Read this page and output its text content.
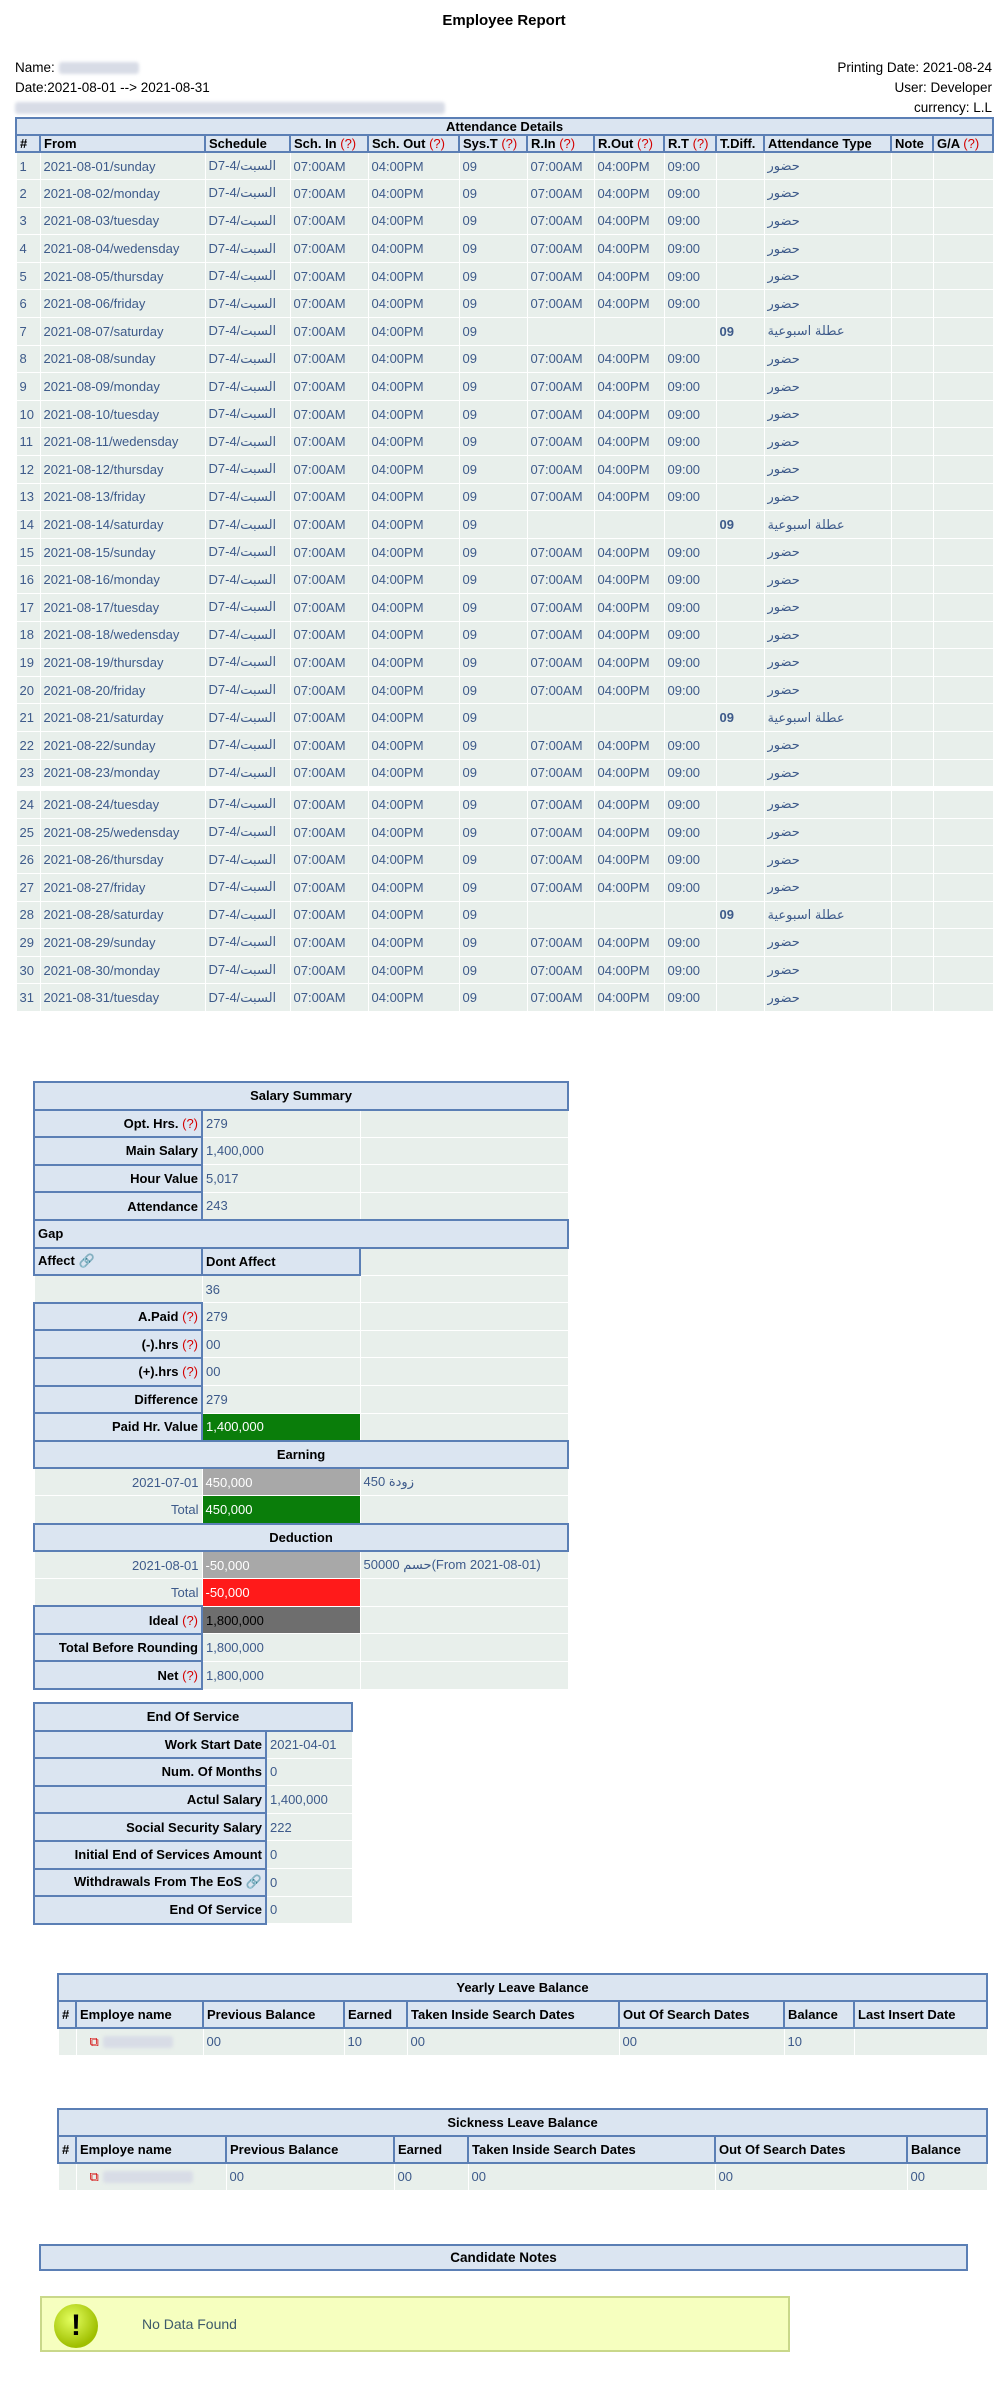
Employee Report
Name:
Date:2021-08-01 --> 2021-08-31
Printing Date: 2021-08-24
User: Developer
currency: L.L
Attendance Details												
#	From	Schedule	Sch. In (?)	Sch. Out (?)	Sys.T (?)	R.In (?)	R.Out (?)	R.T (?)	T.Diff.	Attendance Type	Note	G/A (?)
1	2021-08-01/sunday	D7-4/السبت	07:00AM	04:00PM	09	07:00AM	04:00PM	09:00		حضور		
2	2021-08-02/monday	D7-4/السبت	07:00AM	04:00PM	09	07:00AM	04:00PM	09:00		حضور		
3	2021-08-03/tuesday	D7-4/السبت	07:00AM	04:00PM	09	07:00AM	04:00PM	09:00		حضور		
4	2021-08-04/wedensday	D7-4/السبت	07:00AM	04:00PM	09	07:00AM	04:00PM	09:00		حضور		
5	2021-08-05/thursday	D7-4/السبت	07:00AM	04:00PM	09	07:00AM	04:00PM	09:00		حضور		
6	2021-08-06/friday	D7-4/السبت	07:00AM	04:00PM	09	07:00AM	04:00PM	09:00		حضور		
7	2021-08-07/saturday	D7-4/السبت	07:00AM	04:00PM	09				09	عطلة اسبوعية		
8	2021-08-08/sunday	D7-4/السبت	07:00AM	04:00PM	09	07:00AM	04:00PM	09:00		حضور		
9	2021-08-09/monday	D7-4/السبت	07:00AM	04:00PM	09	07:00AM	04:00PM	09:00		حضور		
10	2021-08-10/tuesday	D7-4/السبت	07:00AM	04:00PM	09	07:00AM	04:00PM	09:00		حضور		
11	2021-08-11/wedensday	D7-4/السبت	07:00AM	04:00PM	09	07:00AM	04:00PM	09:00		حضور		
12	2021-08-12/thursday	D7-4/السبت	07:00AM	04:00PM	09	07:00AM	04:00PM	09:00		حضور		
13	2021-08-13/friday	D7-4/السبت	07:00AM	04:00PM	09	07:00AM	04:00PM	09:00		حضور		
14	2021-08-14/saturday	D7-4/السبت	07:00AM	04:00PM	09				09	عطلة اسبوعية		
15	2021-08-15/sunday	D7-4/السبت	07:00AM	04:00PM	09	07:00AM	04:00PM	09:00		حضور		
16	2021-08-16/monday	D7-4/السبت	07:00AM	04:00PM	09	07:00AM	04:00PM	09:00		حضور		
17	2021-08-17/tuesday	D7-4/السبت	07:00AM	04:00PM	09	07:00AM	04:00PM	09:00		حضور		
18	2021-08-18/wedensday	D7-4/السبت	07:00AM	04:00PM	09	07:00AM	04:00PM	09:00		حضور		
19	2021-08-19/thursday	D7-4/السبت	07:00AM	04:00PM	09	07:00AM	04:00PM	09:00		حضور		
20	2021-08-20/friday	D7-4/السبت	07:00AM	04:00PM	09	07:00AM	04:00PM	09:00		حضور		
21	2021-08-21/saturday	D7-4/السبت	07:00AM	04:00PM	09				09	عطلة اسبوعية		
22	2021-08-22/sunday	D7-4/السبت	07:00AM	04:00PM	09	07:00AM	04:00PM	09:00		حضور		
23	2021-08-23/monday	D7-4/السبت	07:00AM	04:00PM	09	07:00AM	04:00PM	09:00		حضور		

24	2021-08-24/tuesday	D7-4/السبت	07:00AM	04:00PM	09	07:00AM	04:00PM	09:00		حضور		
25	2021-08-25/wedensday	D7-4/السبت	07:00AM	04:00PM	09	07:00AM	04:00PM	09:00		حضور		
26	2021-08-26/thursday	D7-4/السبت	07:00AM	04:00PM	09	07:00AM	04:00PM	09:00		حضور		
27	2021-08-27/friday	D7-4/السبت	07:00AM	04:00PM	09	07:00AM	04:00PM	09:00		حضور		
28	2021-08-28/saturday	D7-4/السبت	07:00AM	04:00PM	09				09	عطلة اسبوعية		
29	2021-08-29/sunday	D7-4/السبت	07:00AM	04:00PM	09	07:00AM	04:00PM	09:00		حضور		
30	2021-08-30/monday	D7-4/السبت	07:00AM	04:00PM	09	07:00AM	04:00PM	09:00		حضور		
31	2021-08-31/tuesday	D7-4/السبت	07:00AM	04:00PM	09	07:00AM	04:00PM	09:00		حضور		
Salary Summary		
Opt. Hrs. (?)	279	
Main Salary	1,400,000	
Hour Value	5,017	
Attendance	243	
Gap		
Affect 🔗	Dont Affect	
	36	
A.Paid (?)	279	
(-).hrs (?)	00	
(+).hrs (?)	00	
Difference	279	
Paid Hr. Value	1,400,000	
Earning		
2021-07-01	450,000	زودة 450
Total	450,000	
Deduction		
2021-08-01	-50,000	حسم 50000(From 2021-08-01)
Total	-50,000	
Ideal (?)	1,800,000	
Total Before Rounding	1,800,000	
Net (?)	1,800,000	
End Of Service	
Work Start Date	2021-04-01
Num. Of Months	0
Actul Salary	1,400,000
Social Security Salary	222
Initial End of Services Amount	0
Withdrawals From The EoS 🔗	0
End Of Service	0
Yearly Leave Balance							
#	Employe name	Previous Balance	Earned	Taken Inside Search Dates	Out Of Search Dates	Balance	Last Insert Date
	⧉	00	10	00	00	10	
Sickness Leave Balance						
#	Employe name	Previous Balance	Earned	Taken Inside Search Dates	Out Of Search Dates	Balance
	⧉	00	00	00	00	00
Candidate Notes
!	No Data Found
